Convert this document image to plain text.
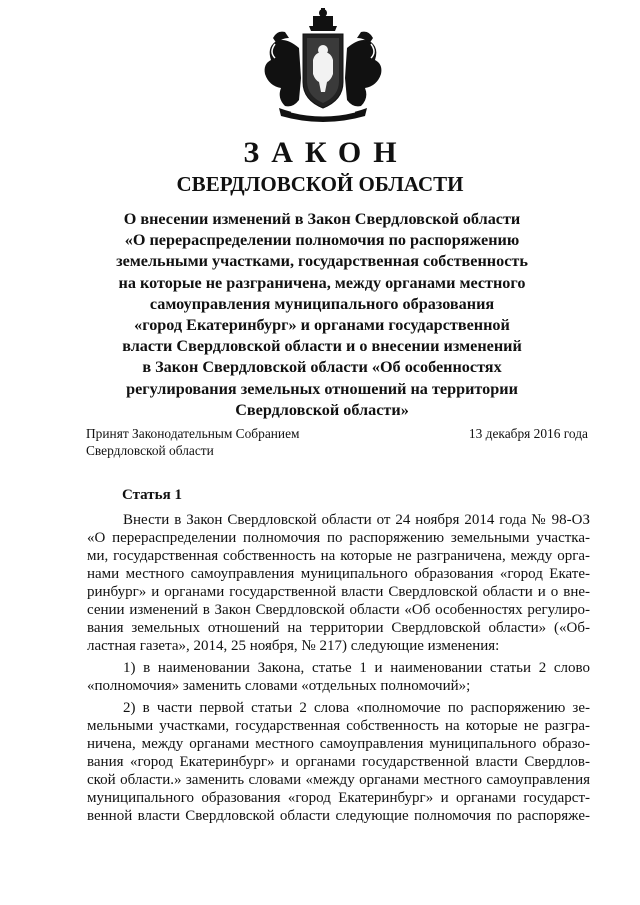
ЗАКОН
СВЕРДЛОВСКОЙ ОБЛАСТИ
О внесении изменений в Закон Свердловской области
«О перераспределении полномочия по распоряжению
земельными участками, государственная собственность
на которые не разграничена, между органами местного
самоуправления муниципального образования
«город Екатеринбург» и органами государственной
власти Свердловской области и о внесении изменений
в Закон Свердловской области «Об особенностях
регулирования земельных отношений на территории
Свердловской области»
Принят Законодательным Собранием
Свердловской области
13 декабря 2016 года
Статья 1
Внести в Закон Свердловской области от 24 ноября 2014 года № 98-ОЗ
«О перераспределении полномочия по распоряжению земельными участка-
ми, государственная собственность на которые не разграничена, между орга-
нами местного самоуправления муниципального образования «город Екате-
ринбург» и органами государственной власти Свердловской области и о вне-
сении изменений в Закон Свердловской области «Об особенностях регулиро-
вания земельных отношений на территории Свердловской области» («Об-
ластная газета», 2014, 25 ноября, № 217) следующие изменения:
1) в наименовании Закона, статье 1 и наименовании статьи 2 слово
«полномочия» заменить словами «отдельных полномочий»;
2) в части первой статьи 2 слова «полномочие по распоряжению зе-
мельными участками, государственная собственность на которые не разгра-
ничена, между органами местного самоуправления муниципального образо-
вания «город Екатеринбург» и органами государственной власти Свердлов-
ской области.» заменить словами «между органами местного самоуправления
муниципального образования «город Екатеринбург» и органами государст-
венной власти Свердловской области следующие полномочия по распоряже-
